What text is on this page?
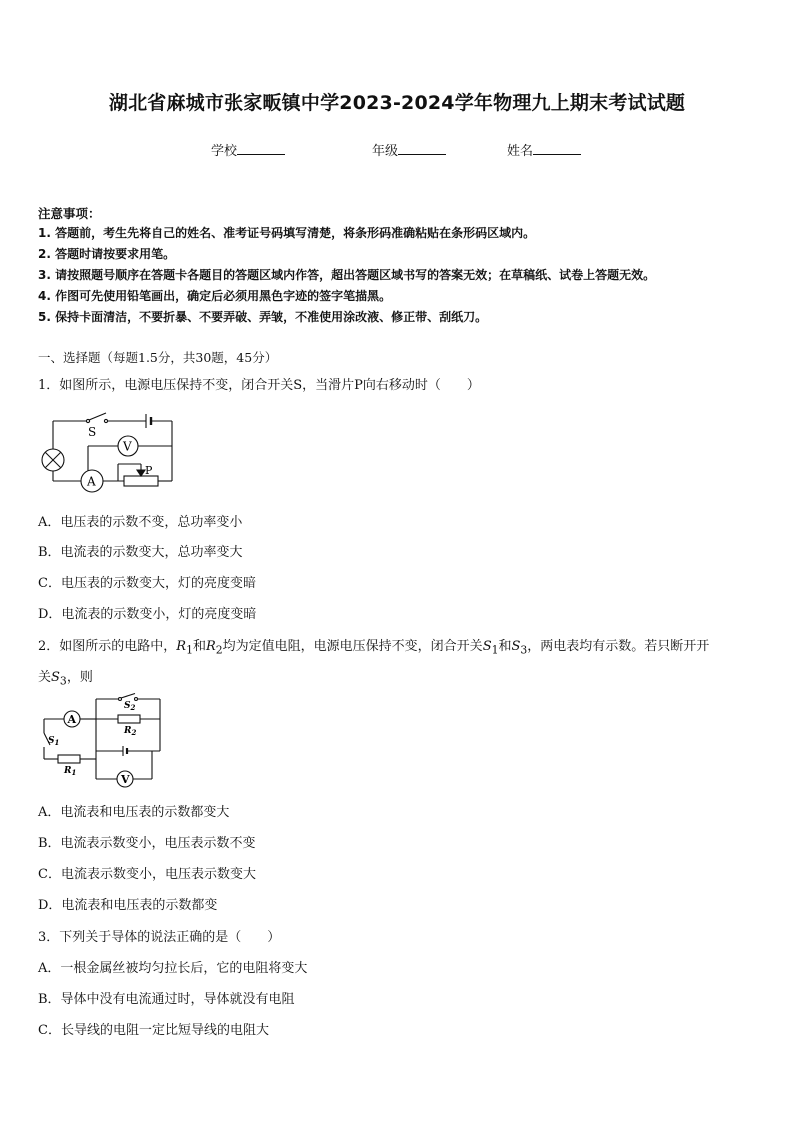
湖北省麻城市张家畈镇中学2023-2024学年物理九上期末考试试题
学校	年级	姓名
注意事项：
1. 答题前，考生先将自己的姓名、准考证号码填写清楚，将条形码准确粘贴在条形码区域内。
2. 答题时请按要求用笔。
3. 请按照题号顺序在答题卡各题目的答题区域内作答，超出答题区域书写的答案无效；在草稿纸、试卷上答题无效。
4. 作图可先使用铅笔画出，确定后必须用黑色字迹的签字笔描黑。
5. 保持卡面清洁，不要折暴、不要弄破、弄皱，不准使用涂改液、修正带、刮纸刀。
一、选择题（每题1.5分，共30题，45分）
1．如图所示，电源电压保持不变，闭合开关S，当滑片P向右移动时（　　）
S
V
A
P
A．电压表的示数不变，总功率变小
B．电流表的示数变大，总功率变大
C．电压表的示数变大，灯的亮度变暗
D．电流表的示数变小，灯的亮度变暗
2．如图所示的电路中，$R_1$和$R_2$均为定值电阻，电源电压保持不变，闭合开关$S_1$和$S_3$，两电表均有示数。若只断开开
关$S_3$，则
A
V
$S_2$
$R_2$
$S_1$
$R_1$
A．电流表和电压表的示数都变大
B．电流表示数变小，电压表示数不变
C．电流表示数变小，电压表示数变大
D．电流表和电压表的示数都变
3．下列关于导体的说法正确的是（　　）
A．一根金属丝被均匀拉长后，它的电阻将变大
B．导体中没有电流通过时，导体就没有电阻
C．长导线的电阻一定比短导线的电阻大
